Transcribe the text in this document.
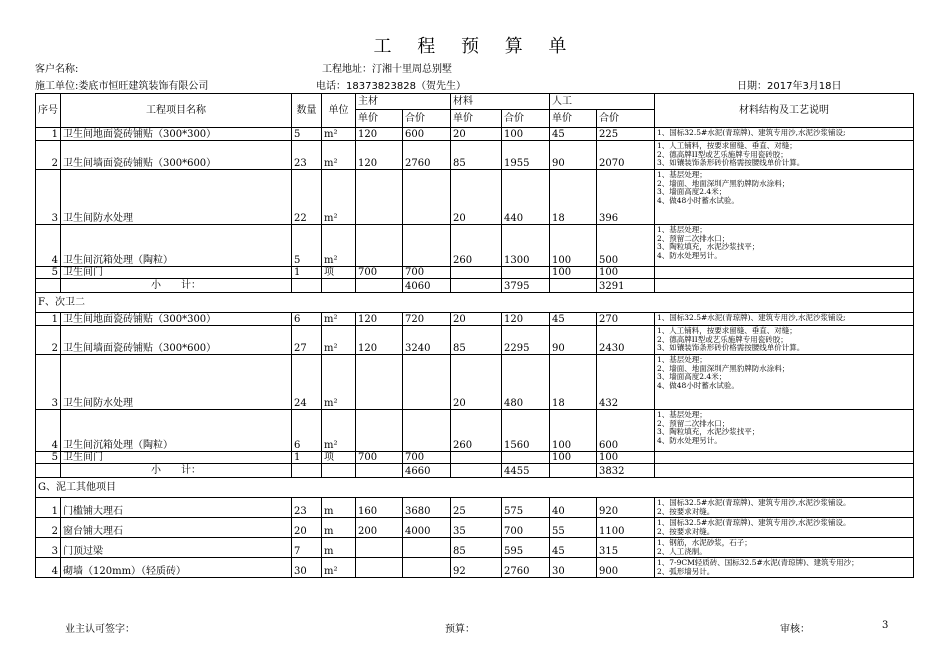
工 程 预 算 单
客户名称:	工程地址：汀湘十里周总别墅
施工单位:娄底市恒旺建筑装饰有限公司	电话：18373823828（贺先生）	日期：2017年3月18日
序号	工程项目名称	数量	单位	主材		材料		人工		材料结构及工艺说明
				单价	合价	单价	合价	单价	合价	
1	卫生间地面瓷砖铺贴（300*300）	5	m²	120	600	20	100	45	225	1、国标32.5#水泥(青琼牌)、建筑专用沙,水泥沙浆铺设;
2	卫生间墙面瓷砖铺贴（300*600）	23	m²	120	2760	85	1955	90	2070	1、人工铺料，按要求留缝、垂直、对缝；
2、德高牌II型或艺乐施牌专用瓷砖胶；
3、如镶装饰条形砖价格需按腰线单价计算。
3	卫生间防水处理	22	m²			20	440	18	396	1、基层处理；
2、墙面、地面深圳产黑豹牌防水涂料；
3、墙面高度2.4米；
4、做48小时蓄水试验。
4	卫生间沉箱处理（陶粒）	5	m²			260	1300	100	500	1、基层处理；
2、预留二次排水口；
3、陶粒填充，水泥沙浆找平；
4、防水处理另计。
5	卫生间门	1	项	700	700			100	100	
	小　　计：				4060		3795		3291	
F、次卫二										
1	卫生间地面瓷砖铺贴（300*300）	6	m²	120	720	20	120	45	270	1、国标32.5#水泥(青琼牌)、建筑专用沙,水泥沙浆铺设;
2	卫生间墙面瓷砖铺贴（300*600）	27	m²	120	3240	85	2295	90	2430	1、人工铺料，按要求留缝、垂直、对缝；
2、德高牌II型或艺乐施牌专用瓷砖胶；
3、如镶装饰条形砖价格需按腰线单价计算。
3	卫生间防水处理	24	m²			20	480	18	432	1、基层处理；
2、墙面、地面深圳产黑豹牌防水涂料；
3、墙面高度2.4米；
4、做48小时蓄水试验。
4	卫生间沉箱处理（陶粒）	6	m²			260	1560	100	600	1、基层处理；
2、预留二次排水口；
3、陶粒填充，水泥沙浆找平；
4、防水处理另计。
5	卫生间门	1	项	700	700			100	100	
	小　　计：				4660		4455		3832	
G、泥工其他项目										
1	门槛铺大理石	23	m	160	3680	25	575	40	920	1、国标32.5#水泥(青琼牌)、建筑专用沙,水泥沙浆铺设。
2、按要求对缝。
2	窗台铺大理石	20	m	200	4000	35	700	55	1100	1、国标32.5#水泥(青琼牌)、建筑专用沙,水泥沙浆铺设。
2、按要求对缝。
3	门顶过梁	7	m			85	595	45	315	1、钢筋，水泥砂浆，石子；
2、人工浇制。
4	砌墙（120mm）（轻质砖）	30	m²			92	2760	30	900	1、7-9CM轻质砖、国标32.5#水泥(青琼牌)、建筑专用沙；
2、弧形墙另计。
业主认可签字：	预算：	审核：	3
